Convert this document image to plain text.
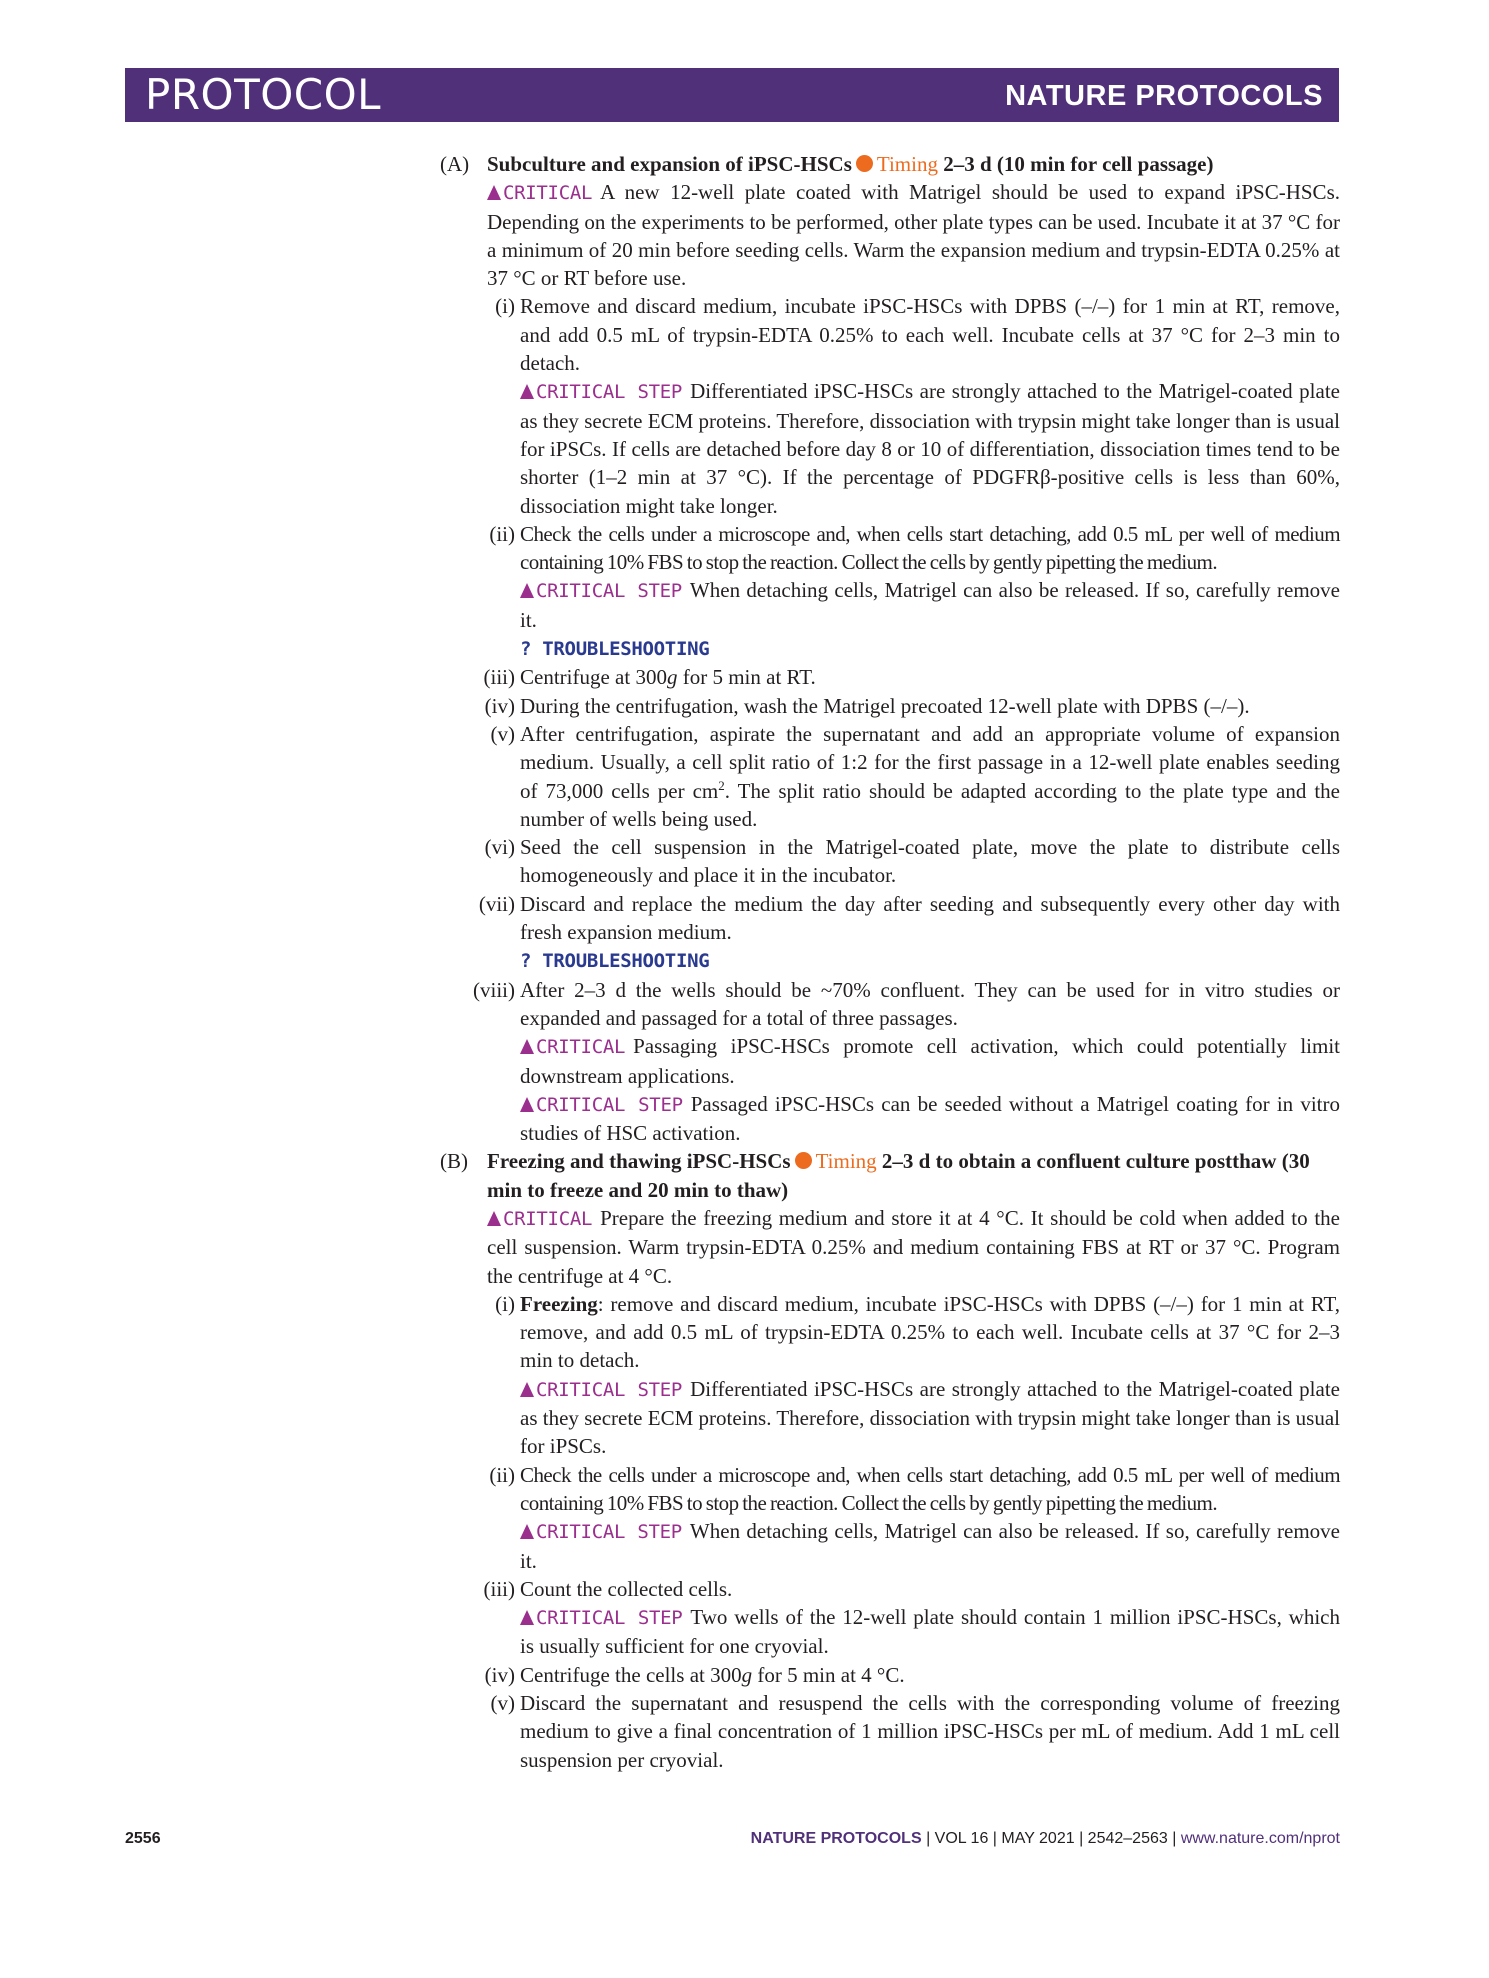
PROTOCOL	NATURE PROTOCOLS
(A) Subculture and expansion of iPSC-HSCs Timing 2–3 d (10 min for cell passage)

CRITICAL A new 12-well plate coated with Matrigel should be used to expand iPSC-HSCs. Depending on the experiments to be performed, other plate types can be used. Incubate it at 37 °C for a minimum of 20 min before seeding cells. Warm the expansion medium and trypsin-EDTA 0.25% at 37 °C or RT before use.

(i) Remove and discard medium, incubate iPSC-HSCs with DPBS (–/–) for 1 min at RT, remove, and add 0.5 mL of trypsin-EDTA 0.25% to each well. Incubate cells at 37 °C for 2–3 min to detach.

CRITICAL STEP Differentiated iPSC-HSCs are strongly attached to the Matrigel-coated plate as they secrete ECM proteins. Therefore, dissociation with trypsin might take longer than is usual for iPSCs. If cells are detached before day 8 or 10 of differentiation, dissociation times tend to be shorter (1–2 min at 37 °C). If the percentage of PDGFRβ-positive cells is less than 60%, dissociation might take longer.

(ii) Check the cells under a microscope and, when cells start detaching, add 0.5 mL per well of medium containing 10% FBS to stop the reaction. Collect the cells by gently pipetting the medium.

CRITICAL STEP When detaching cells, Matrigel can also be released. If so, carefully remove it.

? TROUBLESHOOTING

(iii) Centrifuge at 300g for 5 min at RT.

(iv) During the centrifugation, wash the Matrigel precoated 12-well plate with DPBS (–/–).

(v) After centrifugation, aspirate the supernatant and add an appropriate volume of expansion medium. Usually, a cell split ratio of 1:2 for the first passage in a 12-well plate enables seeding of 73,000 cells per $cm^2$. The split ratio should be adapted according to the plate type and the number of wells being used.

(vi) Seed the cell suspension in the Matrigel-coated plate, move the plate to distribute cells homogeneously and place it in the incubator.

(vii) Discard and replace the medium the day after seeding and subsequently every other day with fresh expansion medium.

? TROUBLESHOOTING

(viii) After 2–3 d the wells should be ~70% confluent. They can be used for in vitro studies or expanded and passaged for a total of three passages.

CRITICAL Passaging iPSC-HSCs promote cell activation, which could potentially limit downstream applications.

CRITICAL STEP Passaged iPSC-HSCs can be seeded without a Matrigel coating for in vitro studies of HSC activation.

(B) Freezing and thawing iPSC-HSCs Timing 2–3 d to obtain a confluent culture postthaw (30 min to freeze and 20 min to thaw)

CRITICAL Prepare the freezing medium and store it at 4 °C. It should be cold when added to the cell suspension. Warm trypsin-EDTA 0.25% and medium containing FBS at RT or 37 °C. Program the centrifuge at 4 °C.

(i) Freezing: remove and discard medium, incubate iPSC-HSCs with DPBS (–/–) for 1 min at RT, remove, and add 0.5 mL of trypsin-EDTA 0.25% to each well. Incubate cells at 37 °C for 2–3 min to detach.

CRITICAL STEP Differentiated iPSC-HSCs are strongly attached to the Matrigel-coated plate as they secrete ECM proteins. Therefore, dissociation with trypsin might take longer than is usual for iPSCs.

(ii) Check the cells under a microscope and, when cells start detaching, add 0.5 mL per well of medium containing 10% FBS to stop the reaction. Collect the cells by gently pipetting the medium.

CRITICAL STEP When detaching cells, Matrigel can also be released. If so, carefully remove it.

(iii) Count the collected cells.

CRITICAL STEP Two wells of the 12-well plate should contain 1 million iPSC-HSCs, which is usually sufficient for one cryovial.

(iv) Centrifuge the cells at 300g for 5 min at 4 °C.

(v) Discard the supernatant and resuspend the cells with the corresponding volume of freezing medium to give a final concentration of 1 million iPSC-HSCs per mL of medium. Add 1 mL cell suspension per cryovial.

2556	NATURE PROTOCOLS | VOL 16 | MAY 2021 | 2542–2563 | www.nature.com/nprot
